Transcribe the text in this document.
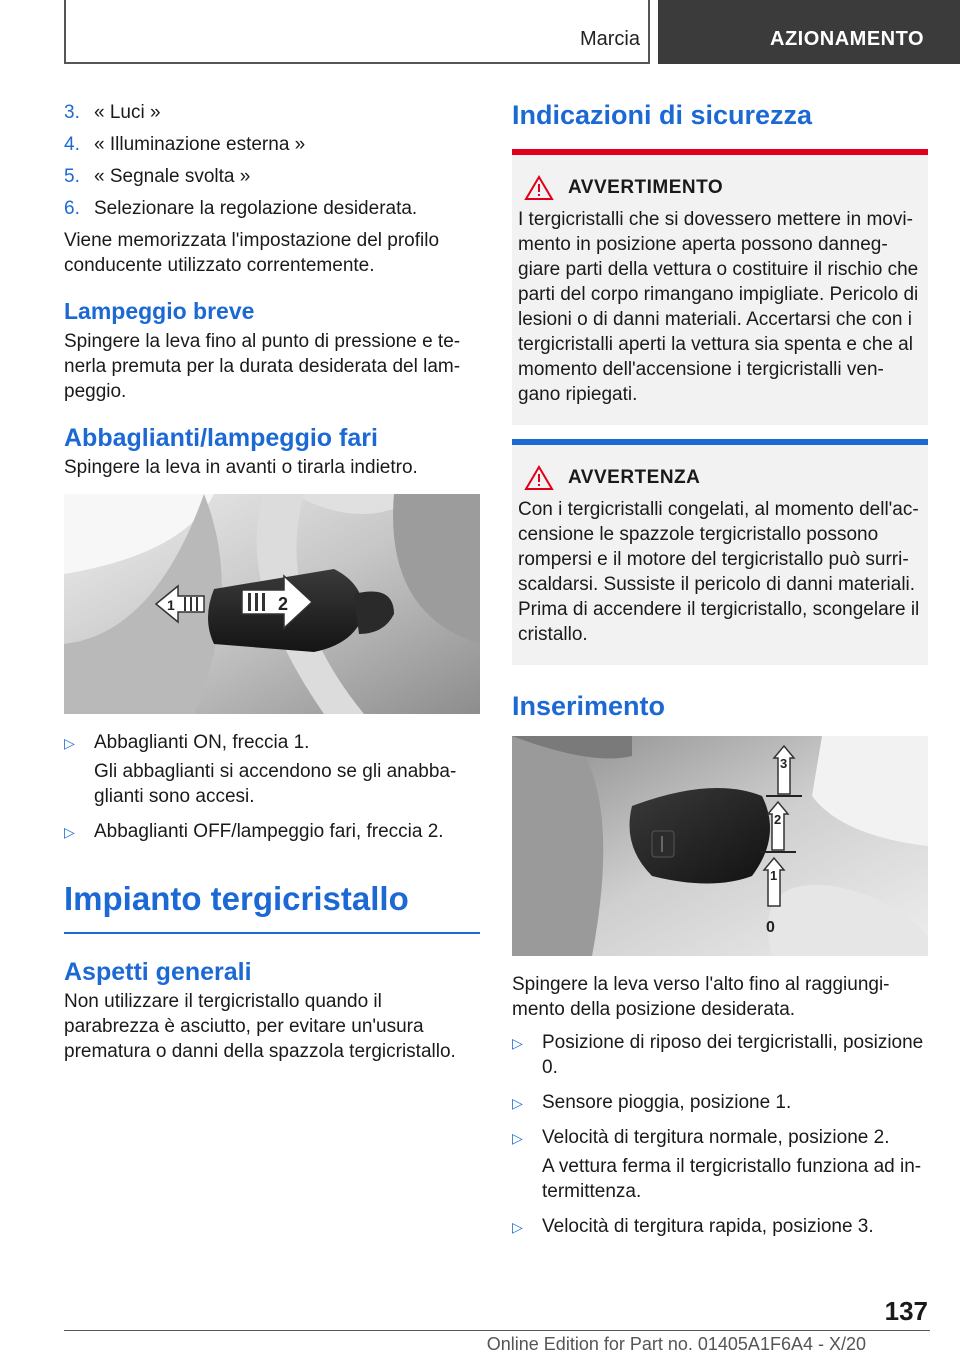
Marcia	AZIONAMENTO
3. « Luci »
4. « Illuminazione esterna »
5. « Segnale svolta »
6. Selezionare la regolazione desiderata.

Viene memorizzata l'impostazione del profilo conducente utilizzato correntemente.

Lampeggio breve

Spingere la leva fino al punto di pressione e te-nerla premuta per la durata desiderata del lam-peggio.

Abbaglianti/lampeggio fari

Spingere la leva in avanti o tirarla indietro.

1	2
▷ Abbaglianti ON, freccia 1.
Gli abbaglianti si accendono se gli anabba-glianti sono accesi.
▷ Abbaglianti OFF/lampeggio fari, freccia 2.
Impianto tergicristallo
Aspetti generali

Non utilizzare il tergicristallo quando il parabrezza è asciutto, per evitare un'usura prematura o danni della spazzola tergicristallo.

Indicazioni di sicurezza
AVVERTIMENTO

I tergicristalli che si dovessero mettere in movi-mento in posizione aperta possono danneg-giare parti della vettura o costituire il rischio che parti del corpo rimangano impigliate. Pericolo di lesioni o di danni materiali. Accertarsi che con i tergicristalli aperti la vettura sia spenta e che al momento dell'accensione i tergicristalli ven-gano ripiegati.

AVVERTENZA

Con i tergicristalli congelati, al momento dell'ac-censione le spazzole tergicristallo possono rompersi e il motore del tergicristallo può surri-scaldarsi. Sussiste il pericolo di danni materiali. Prima di accendere il tergicristallo, scongelare il cristallo.

Inserimento
3
2
1
0

Spingere la leva verso l'alto fino al raggiungi-mento della posizione desiderata.

▷ Posizione di riposo dei tergicristalli, posizione 0.
▷ Sensore pioggia, posizione 1.
▷ Velocità di tergitura normale, posizione 2.
A vettura ferma il tergicristallo funziona ad in-termittenza.
▷ Velocità di tergitura rapida, posizione 3.
137
Online Edition for Part no. 01405A1F6A4 - X/20
